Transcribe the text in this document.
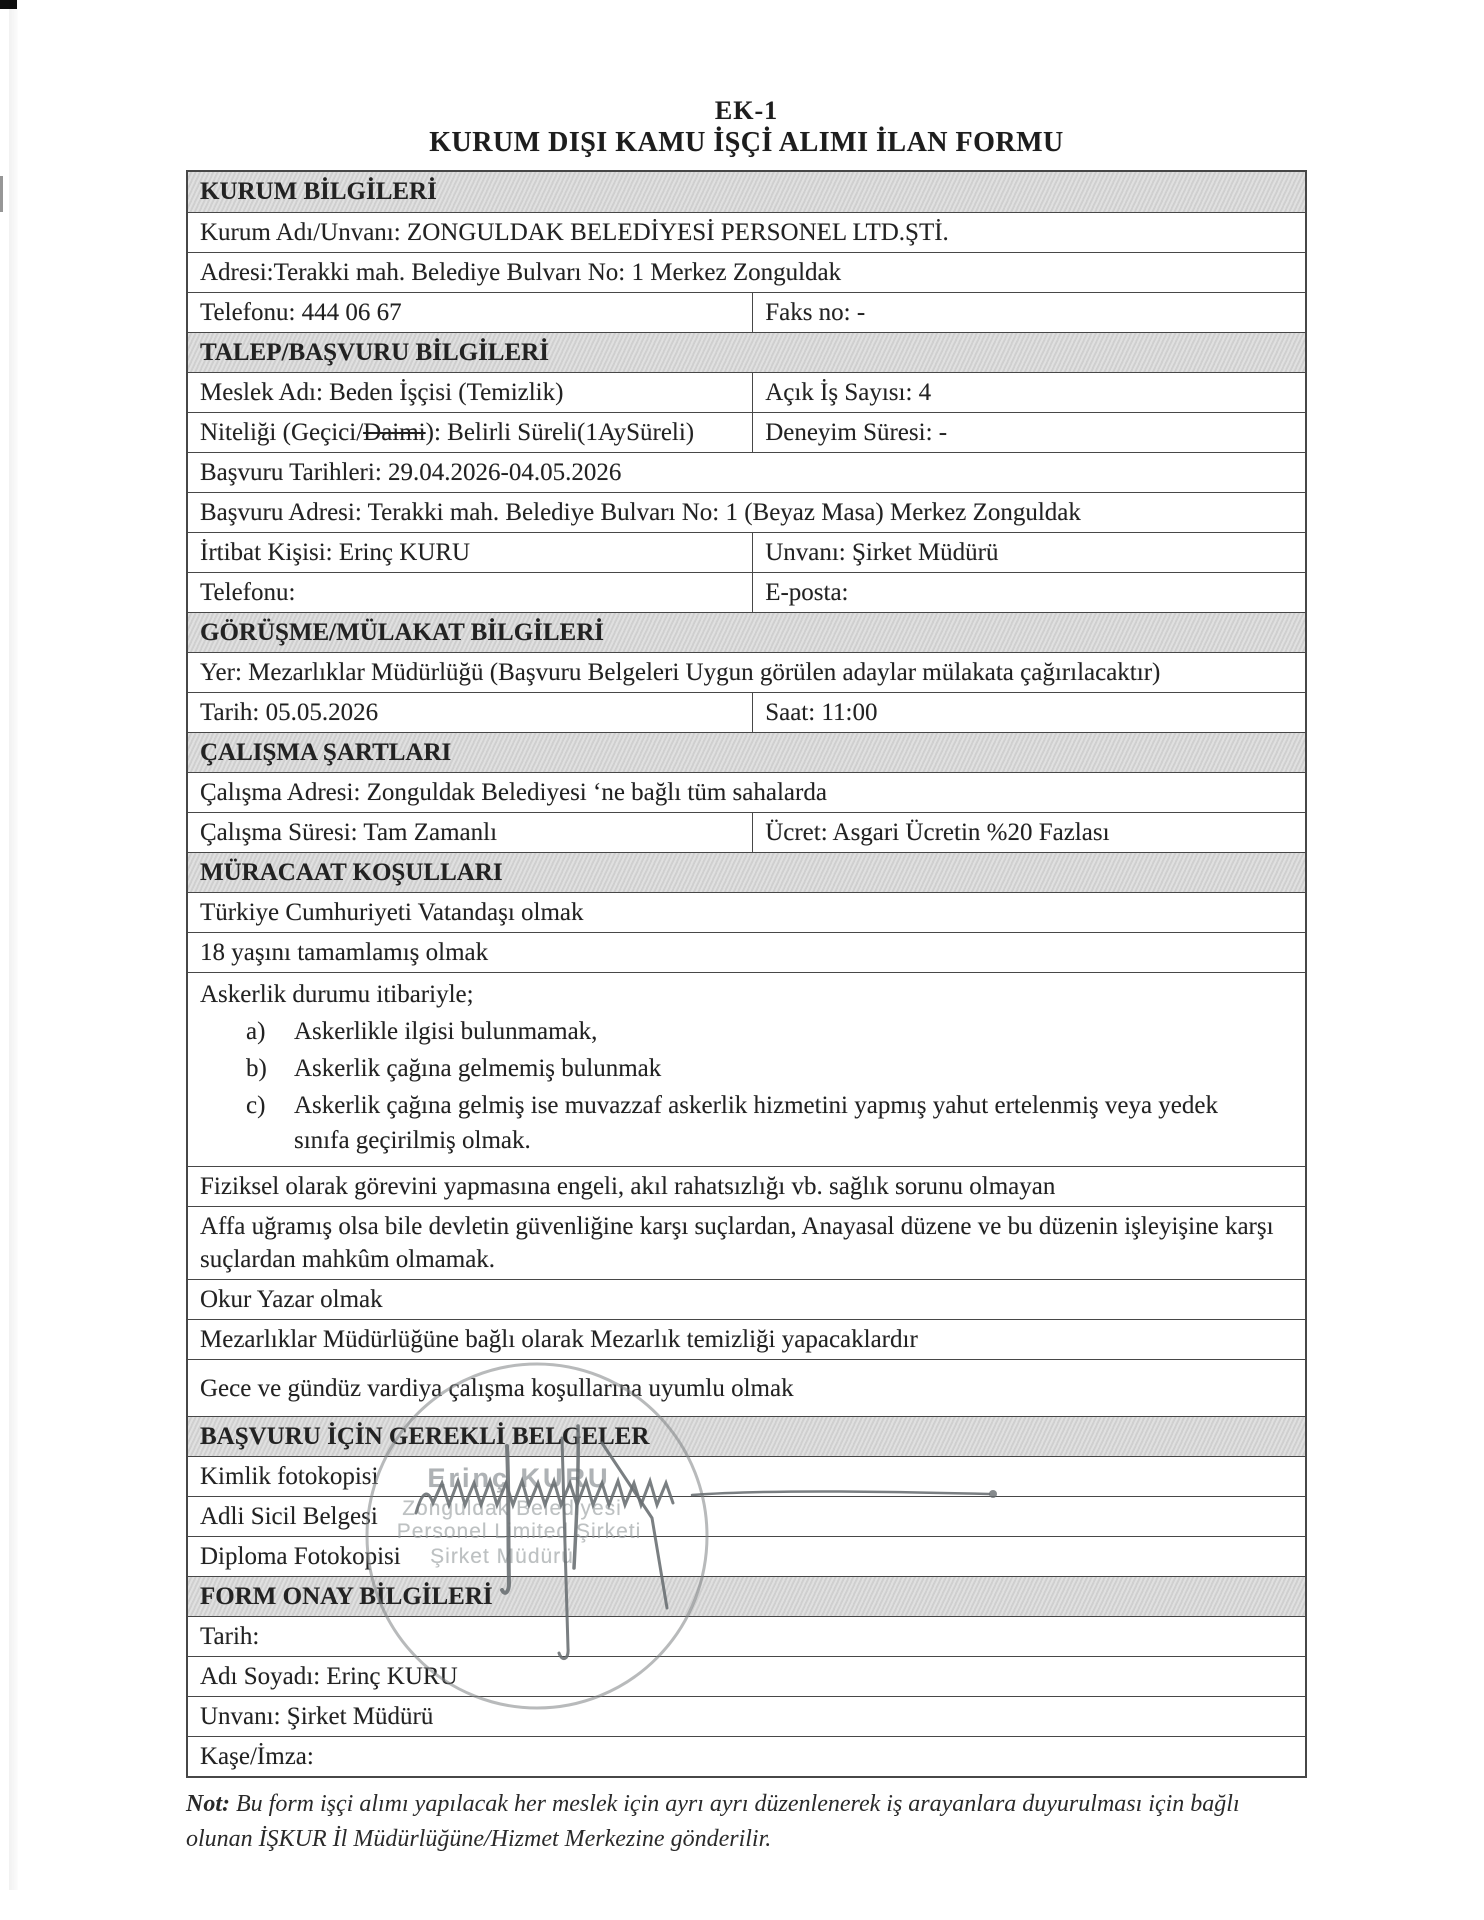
EK-1
KURUM DIŞI KAMU İŞÇİ ALIMI İLAN FORMU
KURUM BİLGİLERİ
Kurum Adı/Unvanı: ZONGULDAK BELEDİYESİ PERSONEL LTD.ŞTİ.
Adresi:Terakki mah. Belediye Bulvarı No: 1 Merkez Zonguldak
Telefonu: 444 06 67	Faks no: -
TALEP/BAŞVURU BİLGİLERİ
Meslek Adı: Beden İşçisi (Temizlik)	Açık İş Sayısı: 4
Niteliği (Geçici/Daimi): Belirli Süreli(1AySüreli)	Deneyim Süresi: -
Başvuru Tarihleri: 29.04.2026-04.05.2026
Başvuru Adresi: Terakki mah. Belediye Bulvarı No: 1 (Beyaz Masa) Merkez Zonguldak
İrtibat Kişisi: Erinç KURU	Unvanı: Şirket Müdürü
Telefonu:	E-posta:
GÖRÜŞME/MÜLAKAT BİLGİLERİ
Yer: Mezarlıklar Müdürlüğü (Başvuru Belgeleri Uygun görülen adaylar mülakata çağırılacaktır)
Tarih: 05.05.2026	Saat: 11:00
ÇALIŞMA ŞARTLARI
Çalışma Adresi: Zonguldak Belediyesi ‘ne bağlı tüm sahalarda
Çalışma Süresi: Tam Zamanlı	Ücret: Asgari Ücretin %20 Fazlası
MÜRACAAT KOŞULLARI
Türkiye Cumhuriyeti Vatandaşı olmak
18 yaşını tamamlamış olmak
Askerlik durumu itibariyle;
a)	Askerlikle ilgisi bulunmamak,
b)	Askerlik çağına gelmemiş bulunmak
c)	Askerlik çağına gelmiş ise muvazzaf askerlik hizmetini yapmış yahut ertelenmiş veya yedek sınıfa geçirilmiş olmak.
Fiziksel olarak görevini yapmasına engeli, akıl rahatsızlığı vb. sağlık sorunu olmayan
Affa uğramış olsa bile devletin güvenliğine karşı suçlardan, Anayasal düzene ve bu düzenin işleyişine karşı suçlardan mahkûm olmamak.
Okur Yazar olmak
Mezarlıklar Müdürlüğüne bağlı olarak Mezarlık temizliği yapacaklardır
Gece ve gündüz vardiya çalışma koşullarına uyumlu olmak
BAŞVURU İÇİN GEREKLİ BELGELER
Kimlik fotokopisi
Adli Sicil Belgesi
Diploma Fotokopisi
FORM ONAY BİLGİLERİ
Tarih:
Adı Soyadı: Erinç KURU
Unvanı: Şirket Müdürü
Kaşe/İmza:
Erinç KURU
Zonguldak Belediyesi
Personel Limited Şirketi
Şirket Müdürü

Not: Bu form işçi alımı yapılacak her meslek için ayrı ayrı düzenlenerek iş arayanlara duyurulması için bağlı olunan İŞKUR İl Müdürlüğüne/Hizmet Merkezine gönderilir.
